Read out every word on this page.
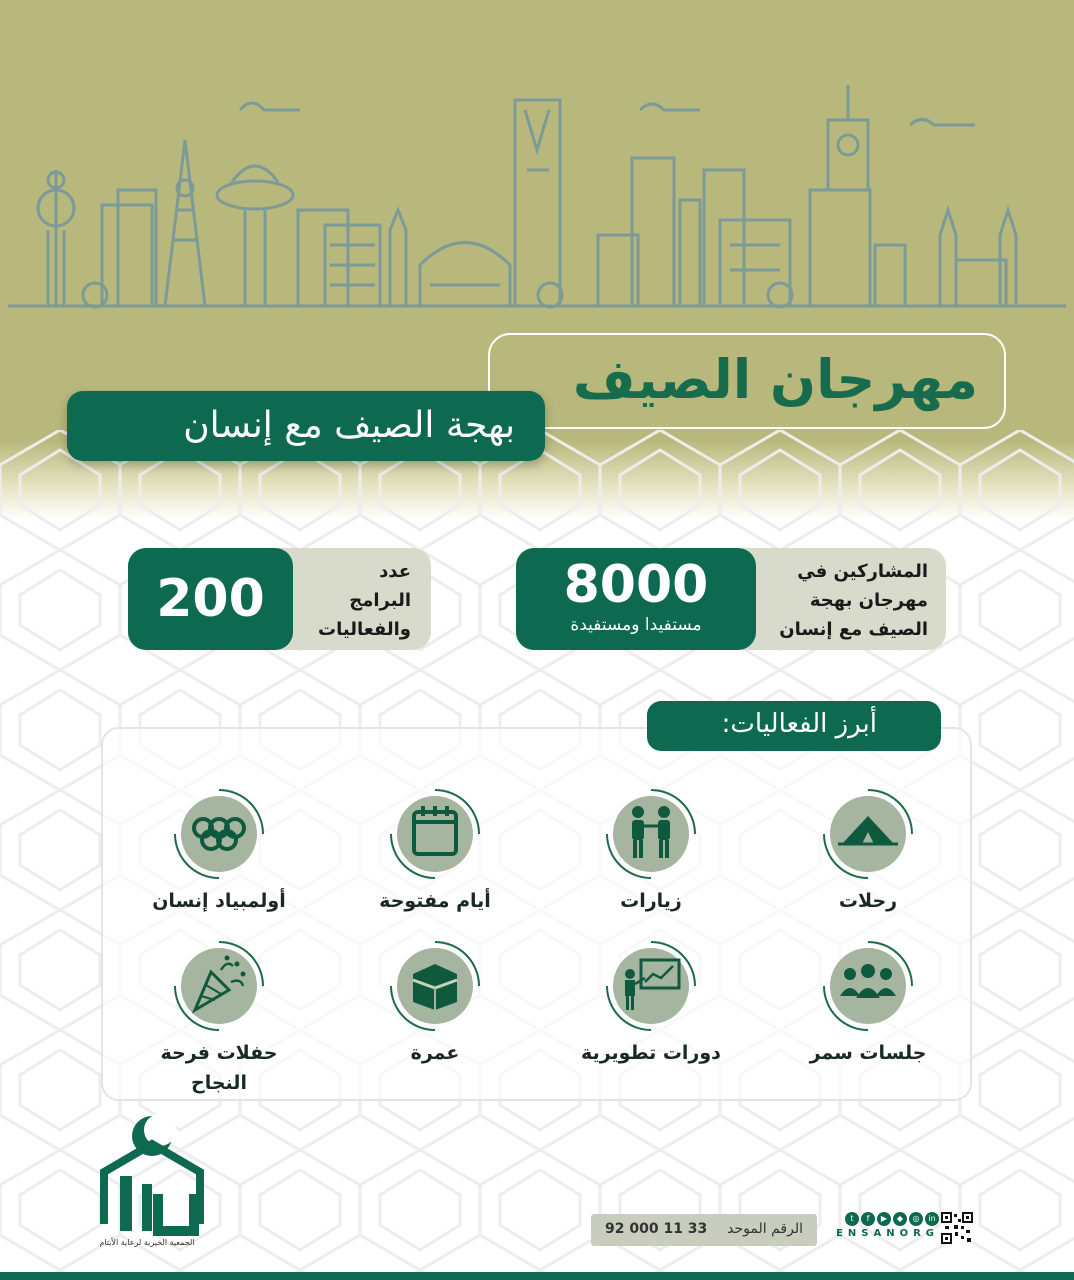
مهرجان الصيف
بهجة الصيف مع إنسان
8000
مستفيدا ومستفيدة
المشاركين في
مهرجان بهجة
الصيف مع إنسان
200	عدد
البرامج
والفعاليات
أبرز الفعاليات:
رحلات
زيارات
أيام مفتوحة
أولمبياد إنسان
جلسات سمر
دورات تطويرية
عمرة
حفلات فرحة النجاح
الجمعية الخيرية لرعاية الأيتام
الرقم الموحد
92 000 11 33
t	f	▶	◆	◎	in
ENSANORG
